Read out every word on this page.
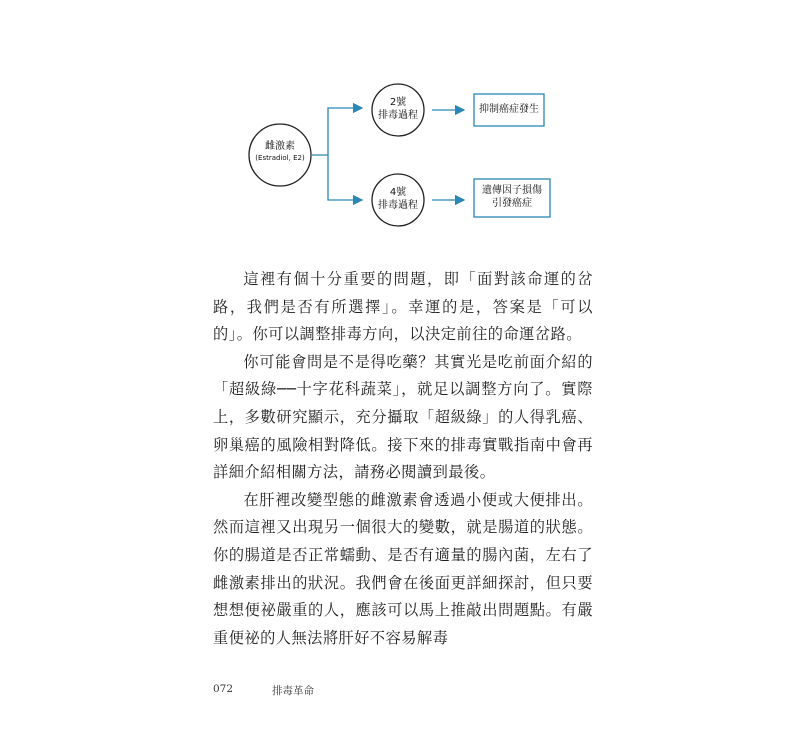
雌激素
(Estradiol, E2)
2號
排毒過程
4號
排毒過程
抑制癌症發生
遺傳因子損傷
引發癌症

這裡有個十分重要的問題，即「面對該命運的岔路，我們是否有所選擇」。幸運的是，答案是「可以的」。你可以調整排毒方向，以決定前往的命運岔路。

你可能會問是不是得吃藥？其實光是吃前面介紹的「超級綠──十字花科蔬菜」，就足以調整方向了。實際上，多數研究顯示，充分攝取「超級綠」的人得乳癌、卵巢癌的風險相對降低。接下來的排毒實戰指南中會再詳細介紹相關方法，請務必閱讀到最後。

在肝裡改變型態的雌激素會透過小便或大便排出。然而這裡又出現另一個很大的變數，就是腸道的狀態。你的腸道是否正常蠕動、是否有適量的腸內菌，左右了雌激素排出的狀況。我們會在後面更詳細探討，但只要想想便祕嚴重的人，應該可以馬上推敲出問題點。有嚴重便祕的人無法將肝好不容易解毒

072	排毒革命
